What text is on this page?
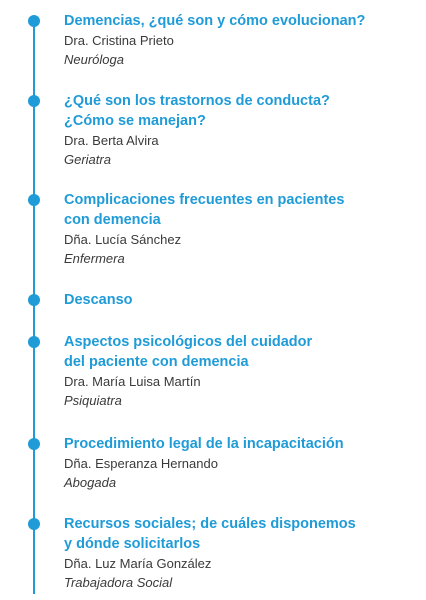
Demencias, ¿qué son y cómo evolucionan?
Dra. Cristina Prieto
Neuróloga
¿Qué son los trastornos de conducta?
¿Cómo se manejan?
Dra. Berta Alvira
Geriatra
Complicaciones frecuentes en pacientes
con demencia
Dña. Lucía Sánchez
Enfermera
Descanso
Aspectos psicológicos del cuidador
del paciente con demencia
Dra. María Luisa Martín
Psiquiatra
Procedimiento legal de la incapacitación
Dña. Esperanza Hernando
Abogada
Recursos sociales; de cuáles disponemos
y dónde solicitarlos
Dña. Luz María González
Trabajadora Social
